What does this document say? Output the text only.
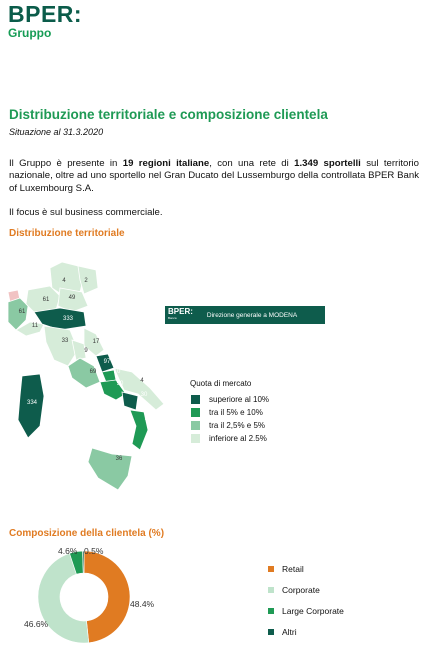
BPER:
Gruppo
Distribuzione territoriale e composizione clientela
Situazione al 31.3.2020
Il Gruppo è presente in 19 regioni italiane, con una rete di 1.349 sportelli sul territorio nazionale, oltre ad uno sportello nel Gran Ducato del Lussemburgo della controllata BPER Bank of Luxembourg S.A.
Il focus è sul business commerciale.
Distribuzione territoriale
4	2
61	49
61
11
333
33	17
9
97
69	10
90	4
30
334
39
36
BPER:
Banca	Direzione generale a MODENA
Quota di mercato
superiore al 10%
tra il 5% e 10%
tra il 2,5% e 5%
inferiore al 2.5%
Composizione della clientela (%)
48.4%
46.6%
4.6% 0.5%
Retail
Corporate
Large Corporate
Altri
